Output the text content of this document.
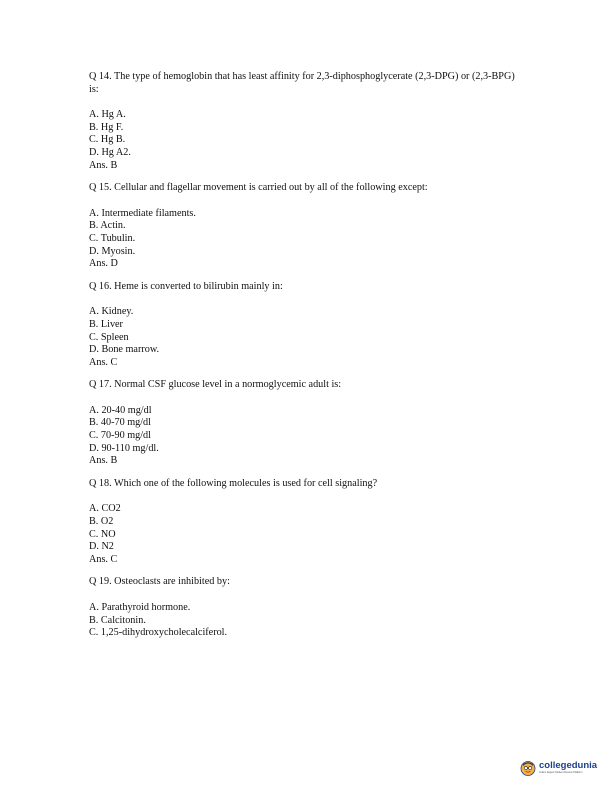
Q 14. The type of hemoglobin that has least affinity for 2,3-diphosphoglycerate (2,3-DPG) or (2,3-BPG) is:
A. Hg A.
B. Hg F.
C. Hg B.
D. Hg A2.
Ans. B
Q 15. Cellular and flagellar movement is carried out by all of the following except:
A. Intermediate filaments.
B. Actin.
C. Tubulin.
D. Myosin.
Ans. D
Q 16. Heme is converted to bilirubin mainly in:
A. Kidney.
B. Liver
C. Spleen
D. Bone marrow.
Ans. C
Q 17. Normal CSF glucose level in a normoglycemic adult is:
A. 20-40 mg/dl
B. 40-70 mg/dl
C. 70-90 mg/dl
D. 90-110 mg/dl.
Ans. B
Q 18. Which one of the following molecules is used for cell signaling?
A. CO2
B. O2
C. NO
D. N2
Ans. C
Q 19. Osteoclasts are inhibited by:
A. Parathyroid hormone.
B. Calcitonin.
C. 1,25-dihydroxycholecalciferol.
collegedunia
India's largest Student Review Platform
